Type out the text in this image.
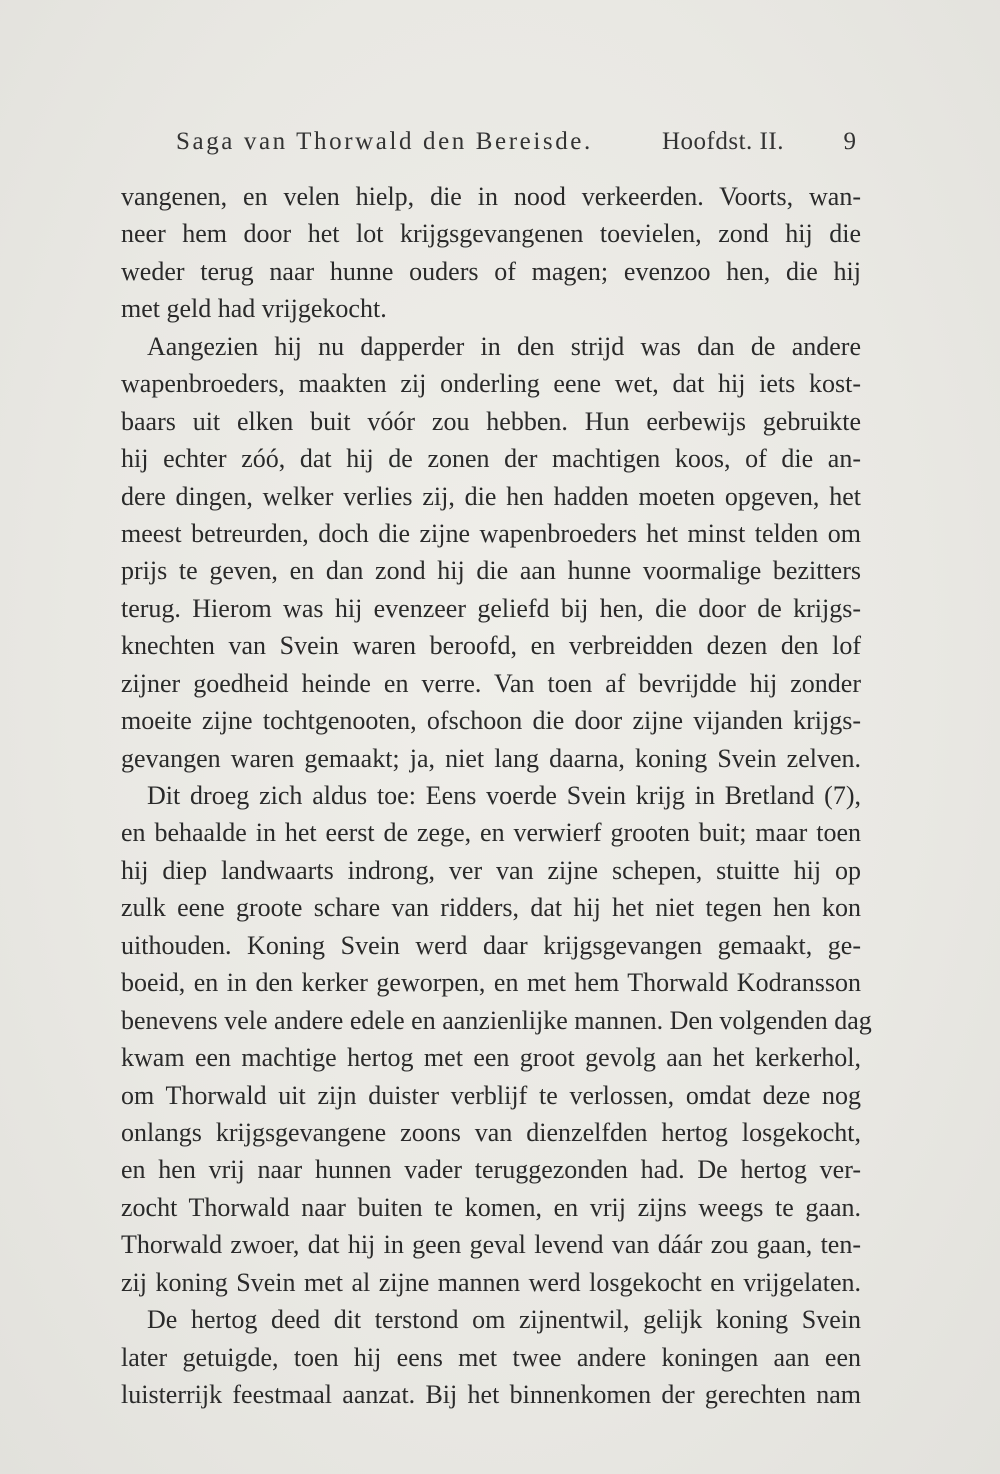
Saga van Thorwald den Bereisde.	Hoofdst. II. 9
vangenen, en velen hielp, die in nood verkeerden. Voorts, wan-
neer hem door het lot krijgsgevangenen toevielen, zond hij die
weder terug naar hunne ouders of magen; evenzoo hen, die hij
met geld had vrijgekocht.
Aangezien hij nu dapperder in den strijd was dan de andere
wapenbroeders, maakten zij onderling eene wet, dat hij iets kost-
baars uit elken buit vóór zou hebben. Hun eerbewijs gebruikte
hij echter zóó, dat hij de zonen der machtigen koos, of die an-
dere dingen, welker verlies zij, die hen hadden moeten opgeven, het
meest betreurden, doch die zijne wapenbroeders het minst telden om
prijs te geven, en dan zond hij die aan hunne voormalige bezitters
terug. Hierom was hij evenzeer geliefd bij hen, die door de krijgs-
knechten van Svein waren beroofd, en verbreidden dezen den lof
zijner goedheid heinde en verre. Van toen af bevrijdde hij zonder
moeite zijne tochtgenooten, ofschoon die door zijne vijanden krijgs-
gevangen waren gemaakt; ja, niet lang daarna, koning Svein zelven.
Dit droeg zich aldus toe: Eens voerde Svein krijg in Bretland (7),
en behaalde in het eerst de zege, en verwierf grooten buit; maar toen
hij diep landwaarts indrong, ver van zijne schepen, stuitte hij op
zulk eene groote schare van ridders, dat hij het niet tegen hen kon
uithouden. Koning Svein werd daar krijgsgevangen gemaakt, ge-
boeid, en in den kerker geworpen, en met hem Thorwald Kodransson
benevens vele andere edele en aanzienlijke mannen. Den volgenden dag
kwam een machtige hertog met een groot gevolg aan het kerkerhol,
om Thorwald uit zijn duister verblijf te verlossen, omdat deze nog
onlangs krijgsgevangene zoons van dienzelfden hertog losgekocht,
en hen vrij naar hunnen vader teruggezonden had. De hertog ver-
zocht Thorwald naar buiten te komen, en vrij zijns weegs te gaan.
Thorwald zwoer, dat hij in geen geval levend van dáár zou gaan, ten-
zij koning Svein met al zijne mannen werd losgekocht en vrijgelaten.
De hertog deed dit terstond om zijnentwil, gelijk koning Svein
later getuigde, toen hij eens met twee andere koningen aan een
luisterrijk feestmaal aanzat. Bij het binnenkomen der gerechten nam
